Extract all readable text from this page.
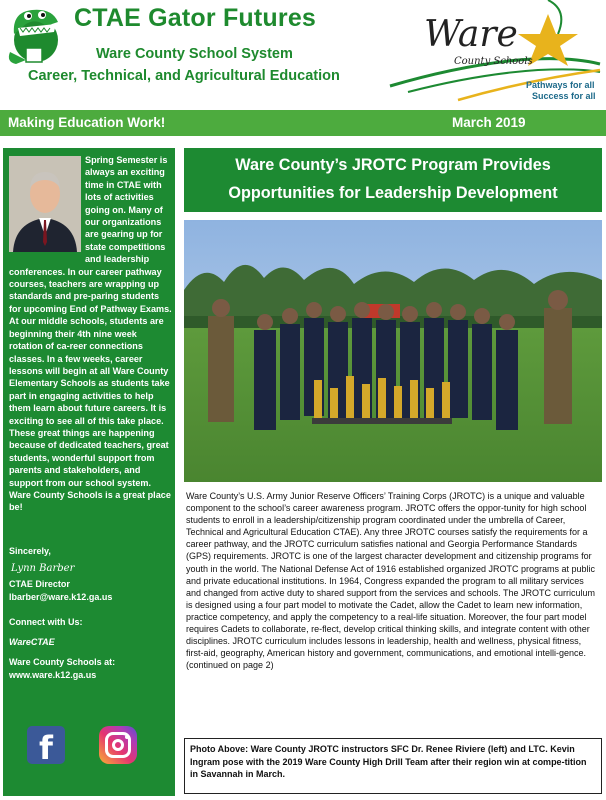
CTAE Gator Futures
Ware County School System
Career, Technical, and Agricultural Education
Ware
County Schools
Pathways for all
Success for all
Making Education Work!	March 2019
Spring Semester is always an exciting time in CTAE with lots of activities going on. Many of our organizations are gearing up for state competitions and leadership conferences. In our career pathway courses, teachers are wrapping up standards and pre-paring students for upcoming End of Pathway Exams. At our middle schools, students are beginning their 4th nine week rotation of ca-reer connections classes. In a few weeks, career lessons will begin at all Ware County Elementary Schools as students take part in engaging activities to help them learn about future careers. It is exciting to see all of this take place. These great things are happening because of dedicated teachers, great students, wonderful support from parents and stakeholders, and support from our school system. Ware County Schools is a great place be!
Sincerely,
Lynn Barber
CTAE Director
lbarber@ware.k12.ga.us
Connect with Us:
WareCTAE
Ware County Schools at:
www.ware.k12.ga.us
f
Ware County’s JROTC Program Provides
Opportunities for Leadership Development
Ware County’s U.S. Army Junior Reserve Officers’ Training Corps (JROTC) is a unique and valuable component to the school’s career awareness program. JROTC offers the oppor-tunity for high school students to enroll in a leadership/citizenship program coordinated under the umbrella of Career, Technical and Agricultural Education CTAE). Any three JROTC courses satisfy the requirements for a career pathway, and the JROTC curriculum satisfies national and Georgia Performance Standards (GPS) requirements. JROTC is one of the largest character development and citizenship programs for youth in the world. The National Defense Act of 1916 established organized JROTC programs at public and private educational institutions. In 1964, Congress expanded the program to all military services and changed from active duty to shared support from the services and schools. The JROTC curriculum is designed using a four part model to motivate the Cadet, allow the Cadet to learn new information, practice competency, and apply the competency to a real-life situation. Moreover, the four part model requires Cadets to collaborate, re-flect, develop critical thinking skills, and integrate content with other disciplines. JROTC curriculum includes lessons in leadership, health and wellness, physical fitness, first-aid, geography, American history and government, communications, and emotional intelli-gence. (continued on page 2)
Photo Above: Ware County JROTC instructors SFC Dr. Renee Riviere (left) and LTC. Kevin Ingram pose with the 2019 Ware County High Drill Team after their region win at compe-tition in Savannah in March.
